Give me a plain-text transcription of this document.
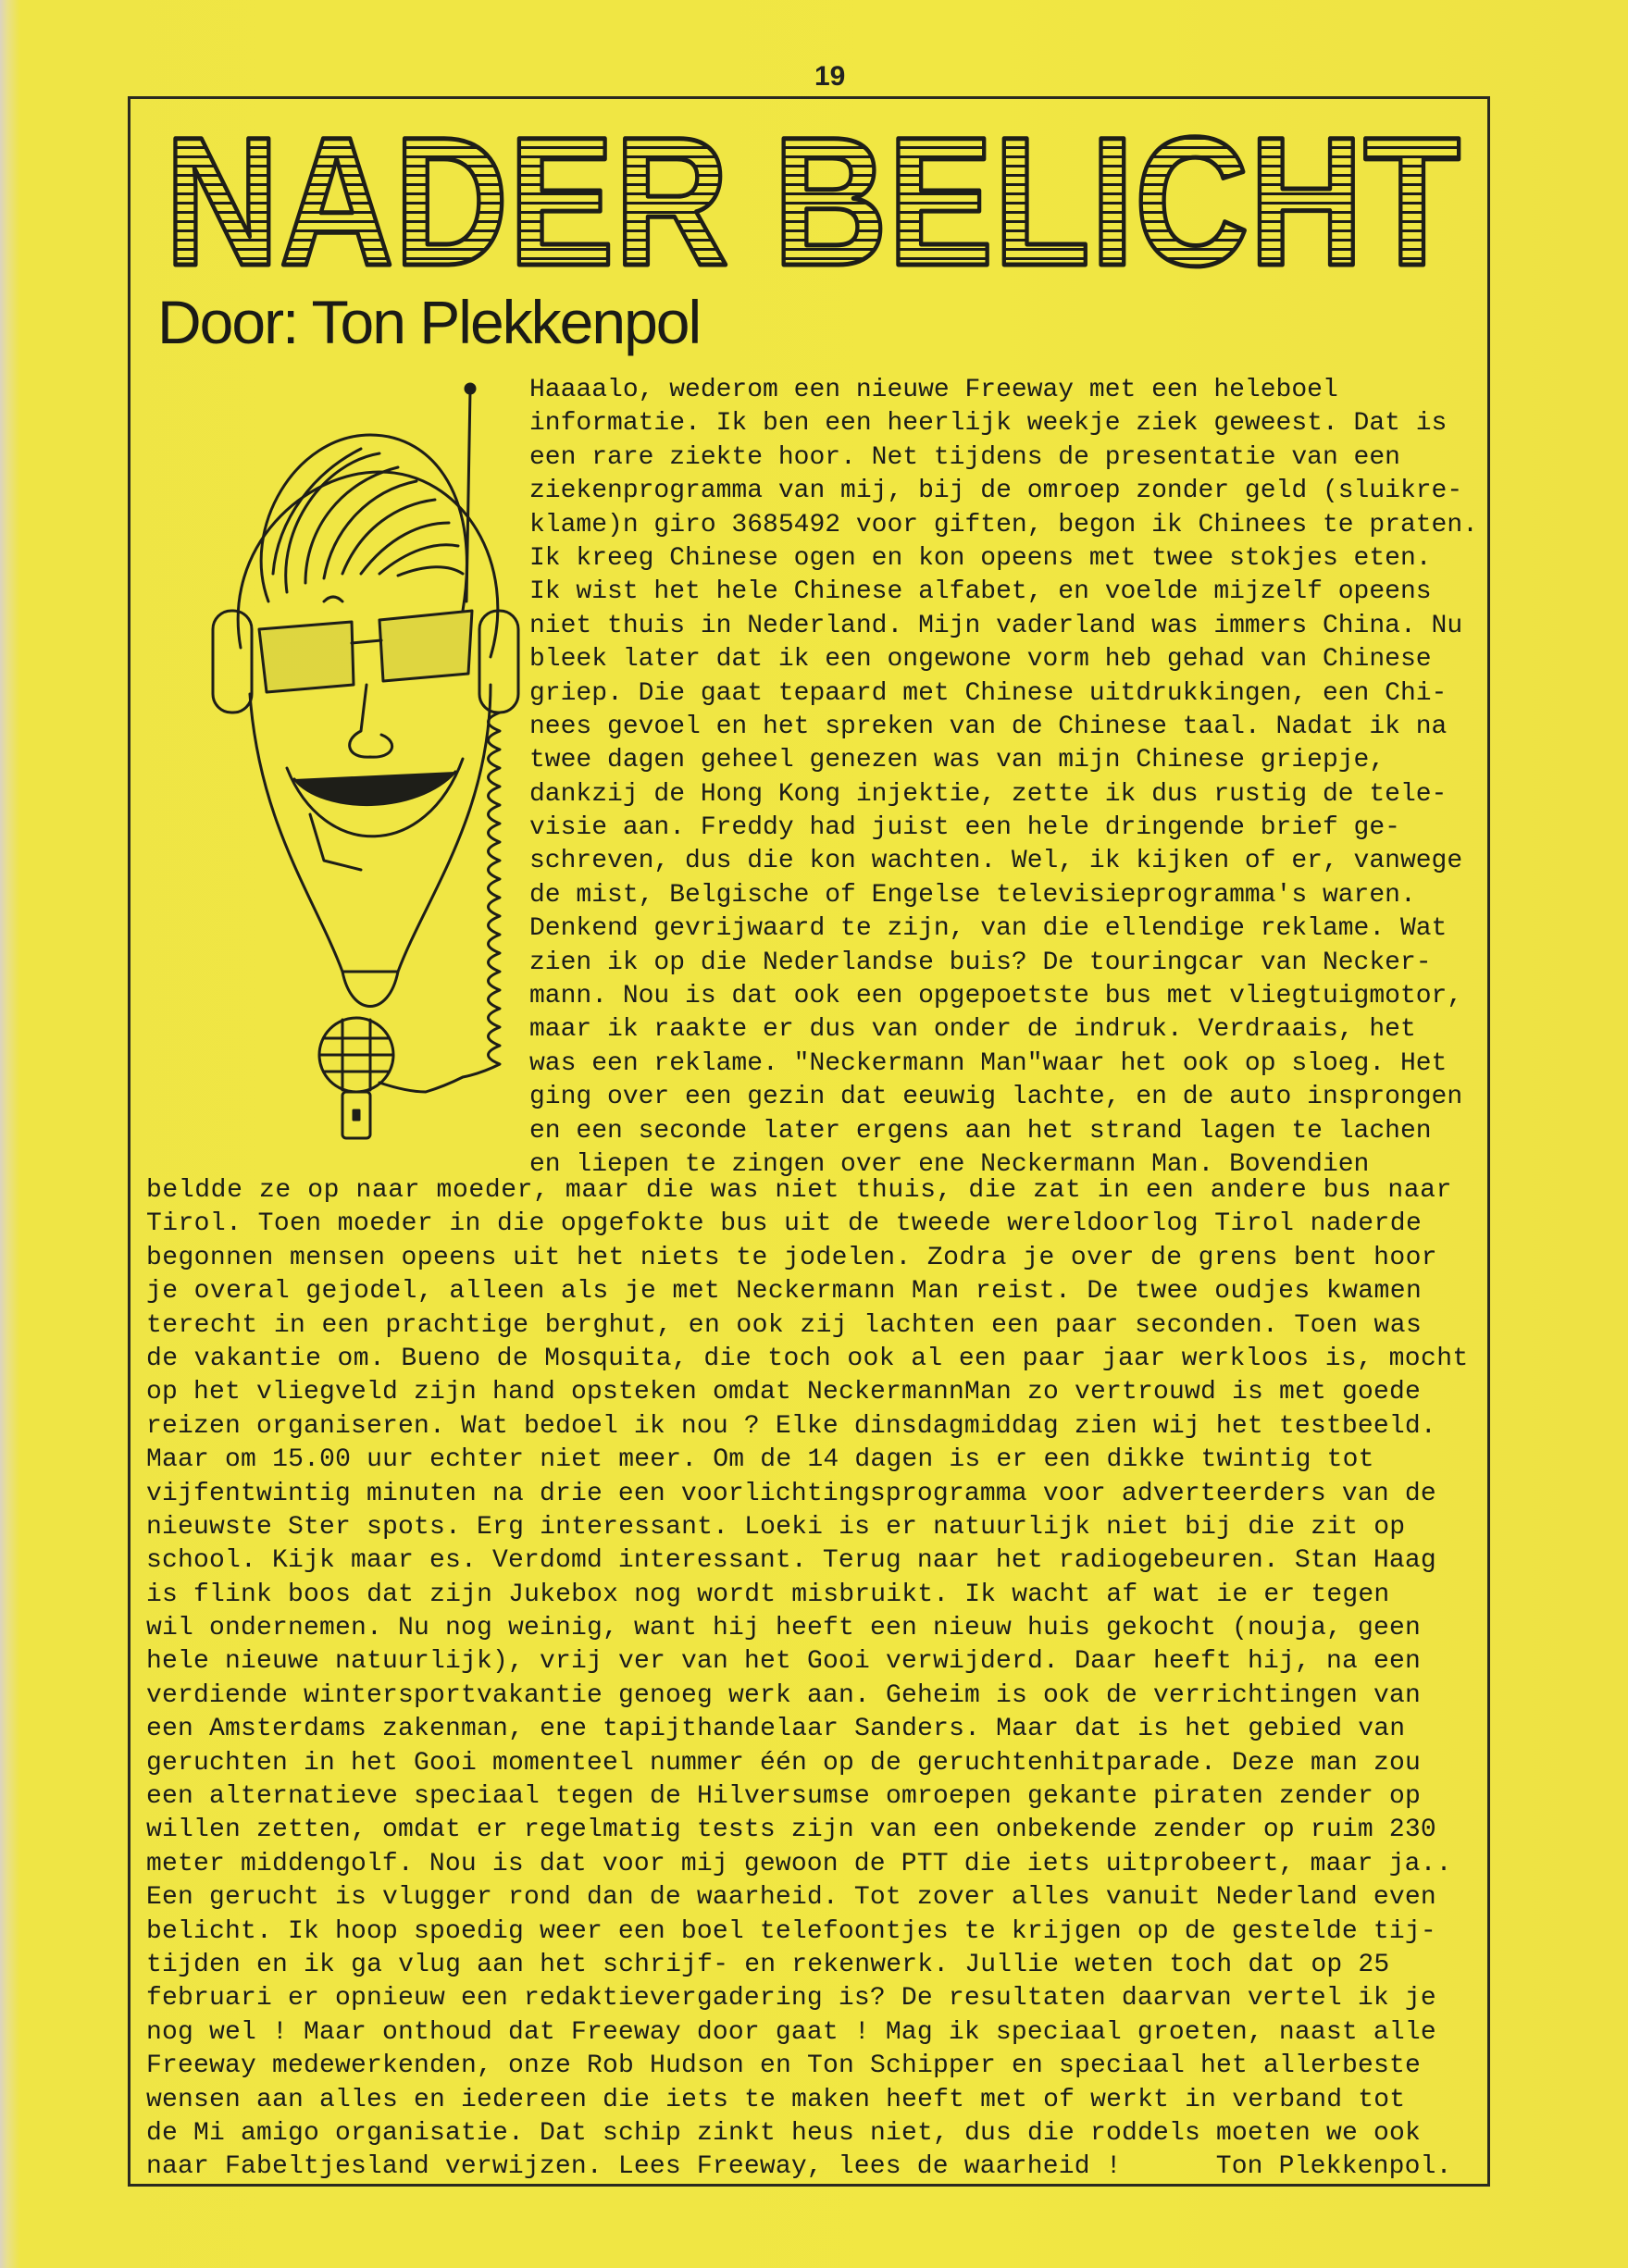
19
NADER BELICHT
Door: Ton Plekkenpol
Haaaalo, wederom een nieuwe Freeway met een heleboel
informatie. Ik ben een heerlijk weekje ziek geweest. Dat is
een rare ziekte hoor. Net tijdens de presentatie van een
ziekenprogramma van mij, bij de omroep zonder geld (sluikre-
klame)n giro 3685492 voor giften, begon ik Chinees te praten.
Ik kreeg Chinese ogen en kon opeens met twee stokjes eten.
Ik wist het hele Chinese alfabet, en voelde mijzelf opeens
niet thuis in Nederland. Mijn vaderland was immers China. Nu
bleek later dat ik een ongewone vorm heb gehad van Chinese
griep. Die gaat tepaard met Chinese uitdrukkingen, een Chi-
nees gevoel en het spreken van de Chinese taal. Nadat ik na
twee dagen geheel genezen was van mijn Chinese griepje,
dankzij de Hong Kong injektie, zette ik dus rustig de tele-
visie aan. Freddy had juist een hele dringende brief ge-
schreven, dus die kon wachten. Wel, ik kijken of er, vanwege
de mist, Belgische of Engelse televisieprogramma's waren.
Denkend gevrijwaard te zijn, van die ellendige reklame. Wat
zien ik op die Nederlandse buis? De touringcar van Necker-
mann. Nou is dat ook een opgepoetste bus met vliegtuigmotor,
maar ik raakte er dus van onder de indruk. Verdraais, het
was een reklame. "Neckermann Man"waar het ook op sloeg. Het
ging over een gezin dat eeuwig lachte, en de auto insprongen
en een seconde later ergens aan het strand lagen te lachen
en liepen te zingen over ene Neckermann Man. Bovendien
beldde ze op naar moeder, maar die was niet thuis, die zat in een andere bus naar
Tirol. Toen moeder in die opgefokte bus uit de tweede wereldoorlog Tirol naderde
begonnen mensen opeens uit het niets te jodelen. Zodra je over de grens bent hoor
je overal gejodel, alleen als je met Neckermann Man reist. De twee oudjes kwamen
terecht in een prachtige berghut, en ook zij lachten een paar seconden. Toen was
de vakantie om. Bueno de Mosquita, die toch ook al een paar jaar werkloos is, mocht
op het vliegveld zijn hand opsteken omdat NeckermannMan zo vertrouwd is met goede
reizen organiseren. Wat bedoel ik nou ? Elke dinsdagmiddag zien wij het testbeeld.
Maar om 15.00 uur echter niet meer. Om de 14 dagen is er een dikke twintig tot
vijfentwintig minuten na drie een voorlichtingsprogramma voor adverteerders van de
nieuwste Ster spots. Erg interessant. Loeki is er natuurlijk niet bij die zit op
school. Kijk maar es. Verdomd interessant. Terug naar het radiogebeuren. Stan Haag
is flink boos dat zijn Jukebox nog wordt misbruikt. Ik wacht af wat ie er tegen
wil ondernemen. Nu nog weinig, want hij heeft een nieuw huis gekocht (nouja, geen
hele nieuwe natuurlijk), vrij ver van het Gooi verwijderd. Daar heeft hij, na een
verdiende wintersportvakantie genoeg werk aan. Geheim is ook de verrichtingen van
een Amsterdams zakenman, ene tapijthandelaar Sanders. Maar dat is het gebied van
geruchten in het Gooi momenteel nummer één op de geruchtenhitparade. Deze man zou
een alternatieve speciaal tegen de Hilversumse omroepen gekante piraten zender op
willen zetten, omdat er regelmatig tests zijn van een onbekende zender op ruim 230
meter middengolf. Nou is dat voor mij gewoon de PTT die iets uitprobeert, maar ja..
Een gerucht is vlugger rond dan de waarheid. Tot zover alles vanuit Nederland even
belicht. Ik hoop spoedig weer een boel telefoontjes te krijgen op de gestelde tij-
tijden en ik ga vlug aan het schrijf- en rekenwerk. Jullie weten toch dat op 25
februari er opnieuw een redaktievergadering is? De resultaten daarvan vertel ik je
nog wel ! Maar onthoud dat Freeway door gaat ! Mag ik speciaal groeten, naast alle
Freeway medewerkenden, onze Rob Hudson en Ton Schipper en speciaal het allerbeste
wensen aan alles en iedereen die iets te maken heeft met of werkt in verband tot
de Mi amigo organisatie. Dat schip zinkt heus niet, dus die roddels moeten we ook
naar Fabeltjesland verwijzen. Lees Freeway, lees de waarheid !      Ton Plekkenpol.
